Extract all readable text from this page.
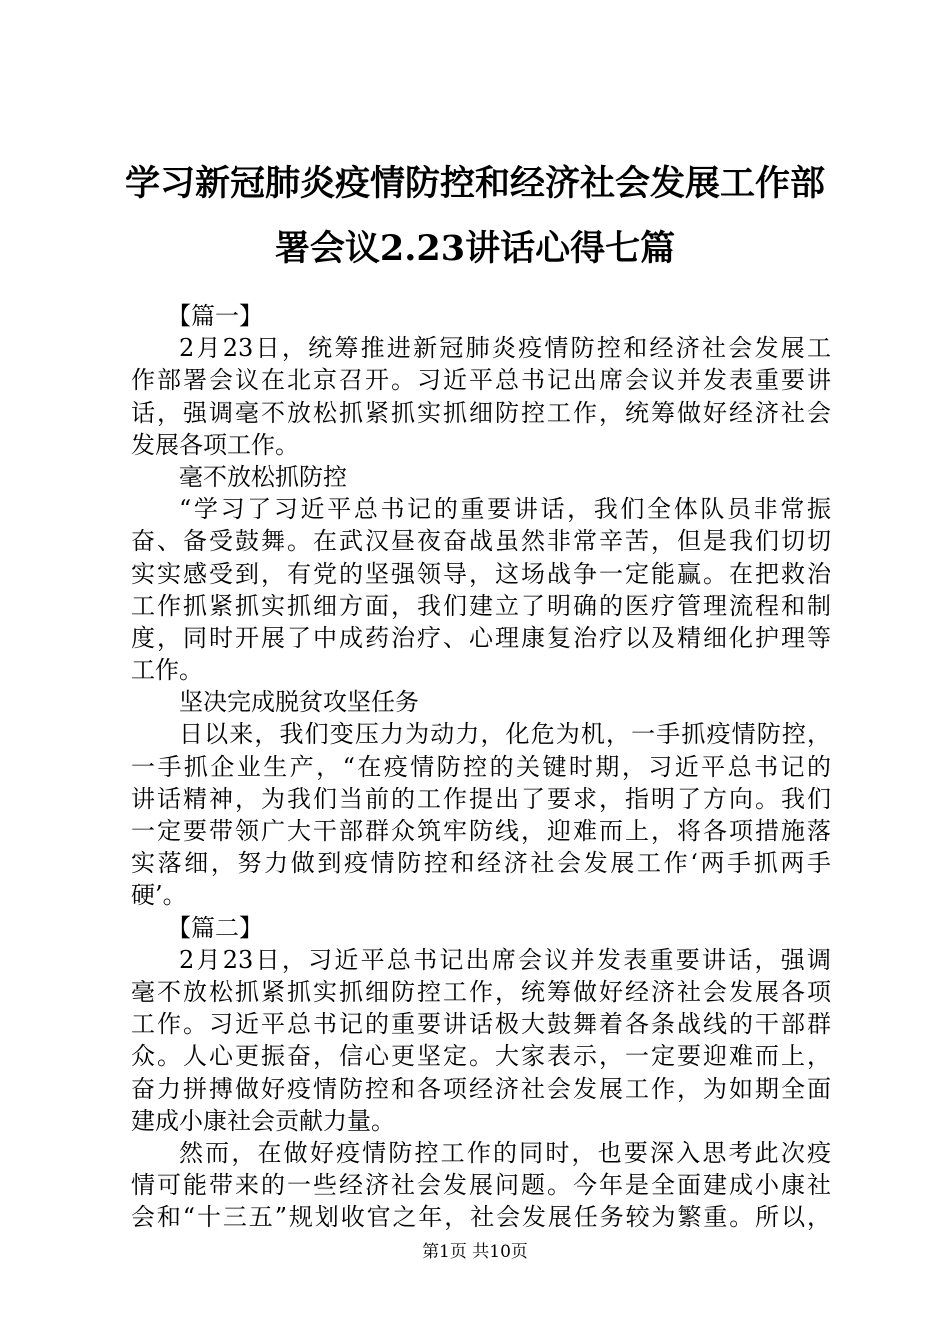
学习新冠肺炎疫情防控和经济社会发展工作部
署会议2.23讲话心得七篇
【篇一】
2月23日，统筹推进新冠肺炎疫情防控和经济社会发展工
作部署会议在北京召开。习近平总书记出席会议并发表重要讲
话，强调毫不放松抓紧抓实抓细防控工作，统筹做好经济社会
发展各项工作。
毫不放松抓防控
“学习了习近平总书记的重要讲话，我们全体队员非常振
奋、备受鼓舞。在武汉昼夜奋战虽然非常辛苦，但是我们切切
实实感受到，有党的坚强领导，这场战争一定能赢。在把救治
工作抓紧抓实抓细方面，我们建立了明确的医疗管理流程和制
度，同时开展了中成药治疗、心理康复治疗以及精细化护理等
工作。
坚决完成脱贫攻坚任务
日以来，我们变压力为动力，化危为机，一手抓疫情防控，
一手抓企业生产，“在疫情防控的关键时期，习近平总书记的
讲话精神，为我们当前的工作提出了要求，指明了方向。我们
一定要带领广大干部群众筑牢防线，迎难而上，将各项措施落
实落细，努力做到疫情防控和经济社会发展工作‘两手抓两手
硬’。
【篇二】
2月23日，习近平总书记出席会议并发表重要讲话，强调
毫不放松抓紧抓实抓细防控工作，统筹做好经济社会发展各项
工作。习近平总书记的重要讲话极大鼓舞着各条战线的干部群
众。人心更振奋，信心更坚定。大家表示，一定要迎难而上，
奋力拼搏做好疫情防控和各项经济社会发展工作，为如期全面
建成小康社会贡献力量。
然而，在做好疫情防控工作的同时，也要深入思考此次疫
情可能带来的一些经济社会发展问题。今年是全面建成小康社
会和“十三五”规划收官之年，社会发展任务较为繁重。所以，
第1页 共10页
